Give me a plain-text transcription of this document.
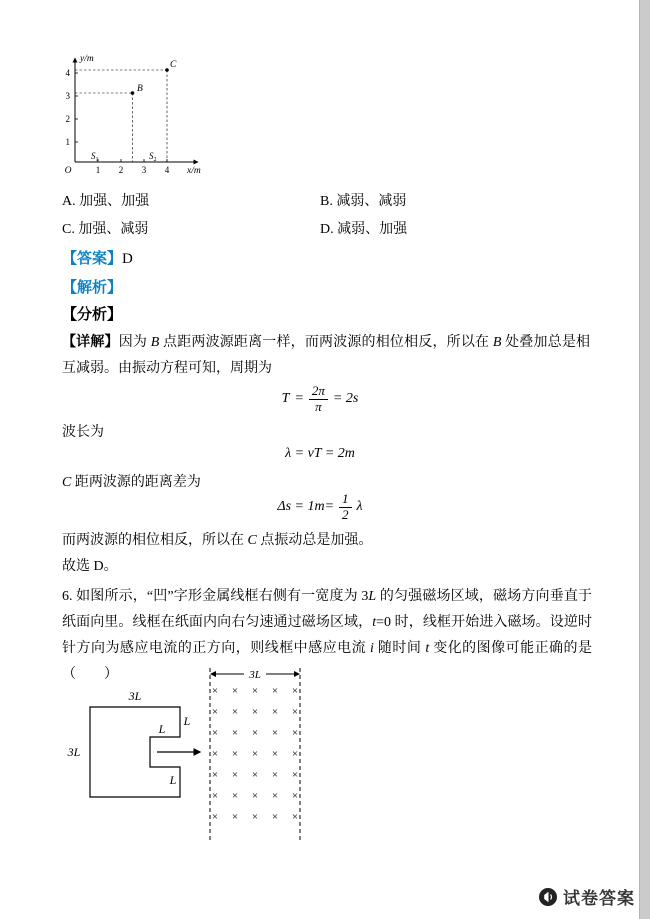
y/m
x/m
O	1 2 3 4
4
3
2
1
B
C
$S_1$	$S_2$
A. 加强、加强	B. 减弱、减弱
C. 加强、减弱	D. 减弱、加强
【答案】D
【解析】
【分析】
【详解】因为 B 点距两波源距离一样，而两波源的相位相反，所以在 B 处叠加总是相互减弱。由振动方程可知，周期为
$T = \frac{2\pi}{\pi} = 2s$
波长为
λ = vT = 2m
C 距两波源的距离差为
$\Delta s = 1m= \frac{1}{2}$ λ
而两波源的相位相反，所以在 C 点振动总是加强。
故选 D。
6. 如图所示，“凹”字形金属线框右侧有一宽度为 3L 的匀强磁场区域，磁场方向垂直于纸面向里。线框在纸面内向右匀速通过磁场区域，t=0 时，线框开始进入磁场。设逆时针方向为感应电流的正方向，则线框中感应电流 i 随时间 t 变化的图像可能正确的是（　　）
3L
3L
L
L
L
3L
× × × × ×
× × × × ×
× × × × ×
× × × × ×
× × × × ×
× × × × ×
× × × × ×
试卷答案
